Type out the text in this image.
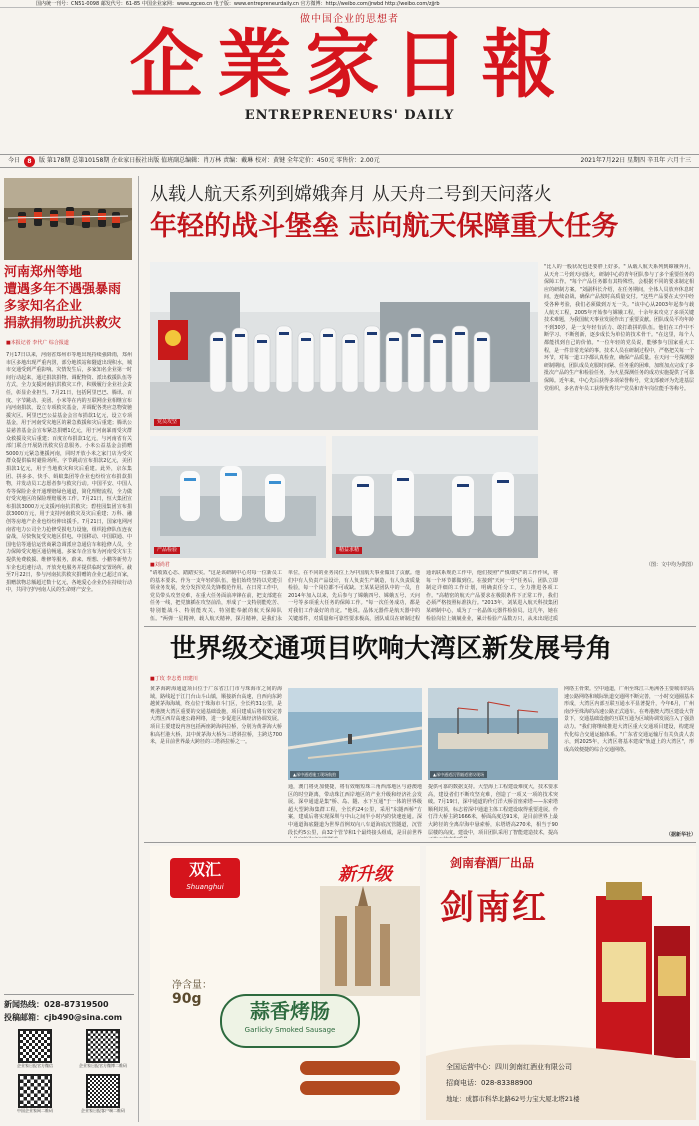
国内统一刊号：CN51-0098 邮发代号：61-85 中国企业家网：www.zgceo.cn 电子版：www.entrepreneurdaily.cn 官方微博：http://weibo.com/jrwbd http://weibo.com/zjjrb
做中国企业的思想者
企業家日報
ENTREPRENEURS' DAILY
今日	8	版 第178期 总第10158期 企业家日报社出版 值班副总编辑：肖万林 责编：戴琳 校对：黄键 全年定价：450元 零售价：2.00元	2021年7月22日 星期四 辛丑年 六月十三
河南郑州等地
遭遇多年不遇强暴雨
多家知名企业
捐款捐物助抗洪救灾
■本报记者 李代广 综合报道
7月17日以来，河南省郑州市等地出现持续强降雨，郑州市区多地出现严重内涝，部分地铁站和隧道出现积水，城市交通受到严重影响。灾情发生后，多家知名企业第一时间行动起来，通过捐款捐物、调配物资、派出救援队伍等方式，全力支援河南抗洪救灾工作，积极履行企业社会责任，彰显企业担当。7月21日，包括阿里巴巴、腾讯、百度、字节跳动、美团、小米等在内的互联网企业相继宣布向河南捐款，设立专项救灾基金，并调配各类应急物资驰援灾区。阿里巴巴公益基金会宣布捐款1亿元，设立专项基金，用于河南受灾地区的紧急救援和灾后重建；腾讯公益慈善基金会宣布紧急捐赠1亿元，用于河南暴雨受灾群众救援及灾后重建；百度宣布捐款1亿元，与河南省有关部门联合开展防汛救灾信息服务。小米公益基金会捐赠5000万元紧急驰援河南，同时开放小米之家门店为受灾群众提供临时避险场所。字节跳动宣布捐款2亿元，美团捐款1亿元，用于当地救灾和灾后重建。此外，京东集团、拼多多、快手、蚂蚁集团等企业也纷纷宣布捐款捐物，并发动员工志愿者参与救灾行动。中国平安、中国人寿等保险企业开通理赔绿色通道，简化理赔流程，全力做好受灾地区的保险理赔服务工作。7月21日，恒大集团宣布捐款3000万元支援河南抗洪救灾；碧桂园集团宣布捐款3000万元，用于支持河南救灾及灾后重建；万科、融创等房地产企业也纷纷伸出援手。7月21日，国家电网河南省电力公司全力抢修受损电力设施，组织抢修队伍连夜奋战，尽快恢复受灾地区供电。中国移动、中国联通、中国电信等通信运营商紧急调派应急通信车和抢修人员，全力保障受灾地区通信畅通。多家车企宣布为河南受灾车主提供免费救援、维修等服务，蔚来、理想、小鹏等新势力车企也迅速行动，开放充电服务并提供临时安置场所。截至7月22日，参与河南抗洪救灾捐赠的企业已超过百家，捐赠款物总额超过数十亿元，各地爱心企业仍在持续行动中，共同守护河南人民的生命财产安全。
新闻热线：028-87319500
投稿邮箱：cjb490@sina.com
企业家日报官方微信	企业家日报官方微博二维码
中国企业家网二维码	企业家日报客户端二维码
从载人航天系列到嫦娥奔月 从天舟二号到天问落火
年轻的战斗堡垒 志向航天保障重大任务
党员攻坚
产品检验	精益求精
"比人的一般状况也还要胖上好多。" 从载人航天系列到嫦娥奔月，从天舟二号到天问落火，研制中心的青年团队参与了多个重要任务的保障工作。"每个产品任务都有其特殊性，会根据不同的要求制定相应的研制方案。"刘副科长介绍，在任务期间，全体人员放弃休息时间，连续奋战，确保产品按时高质量交付。"这些产品要在太空中经受各种考验，我们必须做到万无一失。"该中心从2003年起参与载人航天工程，2005年开始参与嫦娥工程，十余年来攻克了多项关键技术难题，为我国航天事业发展作出了重要贡献。团队成员平均年龄不到30岁，是一支年轻有活力、敢打敢拼的队伍。他们在工作中不断学习、不断创新，逐步成长为单位的技术骨干。"在这里，每个人都能找到自己的价值。"一位年轻的党员说，能够参与国家重大工程，是一件非常光荣的事。技术人员在研制过程中，严格把关每一个环节，对每一道工序都认真检查，确保产品质量。在天问一号探测器研制期间，团队成员克服时间紧、任务重的困难，加班加点完成了多批次产品的生产和检验任务，为火星探测任务的成功实施提供了可靠保障。近年来，中心先后获得多项荣誉称号，党支部被评为先进基层党组织，多名青年员工获得优秀共产党员和青年岗位能手等称号。
（图：文中均为供图）
■刘尚君
"请收敛心态、踏踏实实。"这是该研制中心对每一位新员工的基本要求。作为一支年轻的队伍，他们始终坚持以党建引领业务发展，充分发挥党员先锋模范作用。在日常工作中，党员带头攻坚克难，在重大任务面前冲锋在前，把支部建在任务一线，把党旗插在攻坚前沿，形成了一支特别能吃苦、特别能战斗、特别能攻关、特别能奉献的航天保障队伍。"两弹一星精神，载人航天精神，探月精神，是我们永
单位，在不同的业务岗位上为中国航天事业做出了贡献。他们中有人负责产品设计，有人负责生产制造，有人负责质量检验，每一个岗位都不可或缺。王某某是团队中的一员，自2014年加入以来，先后参与了嫦娥四号、嫦娥五号、天问一号等多项重大任务的保障工作。"每一次任务成功，都是对我们工作最好的肯定。"他说。晶体元器件是航天器中的关键部件，对质量和可靠性要求极高，团队成员在研制过程
通讯联系规范工作中，他们按照"严慎细实"的工作作风，将每一个环节都做到位。在接到"天问一号"任务后，团队立即制定详细的工作计划，明确责任分工，全力推进各项工作。"高精密的航天产品要求在极限条件下正常工作，我们必须严格按照标准执行。"2013年，刘某进入航天科技集团某研制中心，成为了一名晶体元器件检验员。这几年，她在检验岗位上兢兢业业，累计检验产品数万只，从未出现过质
世界级交通项目吹响大湾区新发展号角
■丁玫 李志勇 田建川
▲深中通道施工现场航拍	▲深中通道沉管隧道建设现场
黄茅海跨海通道项目位于广东省江门市与珠海市之间的海域，路线起于江门台山斗山镇，顺接新台高速，自西向东跨越黄茅海海域，终点位于珠海市斗门区，全长约31公里，是粤港澳大湾区重要的交通基础设施，项目建成后将有效完善大湾区西岸高速公路网络，进一步促进区域经济协调发展。项目主要建设内容包括两座跨海斜拉桥，分别为黄茅海大桥和高栏港大桥，其中黄茅海大桥为三塔斜拉桥，主跨达700米，是目前世界最大跨径的三塔斜拉桥之一。
通，澳门将更加便捷，将有效缩短珠三角西部地区与港澳地区的时空距离，带动珠江西岸地区的产业升级和经济社会发展。深中通道是集"桥、岛、隧、水下互通"于一体的世界级超大型跨海集群工程，全长约24公里，采用"东隧西桥"方案，建成后将实现深圳与中山之间半小时内的快速连通。深中通道海底隧道为世界首例双向八车道海底沉管隧道，沉管段长约5公里，由32个管节和1个最终接头组成，是目前世界
提供可靠的数据支持。大型海上工程建设难度大，技术要求高，建设者们不断攻坚克难，创造了一项又一项的技术突破。7月19日，深中通道的伶仃洋大桥首座索塔——东索塔顺利封顶，标志着深中通道主体工程建设取得重要进展。伶仃洋大桥主跨1666米，桥面高度达91米，是目前世界上最大跨径的全离岸海中悬索桥，东塔塔高270米，相当于90层楼的高度。建设中，项目团队采用了智能建造技术，提高
网络主骨架。空中通道，广州至珠江三角洲各主要城市的高速公路网络和城际轨道交通网不断完善，一小时交通圈基本形成，大湾区内部互联互通水平显著提升，今年6月，广州南沙至珠海的高速公路正式通车。在粤港澳大湾区建设大背景下，交通基础设施的互联互通为区域协调发展注入了强劲动力。"我们将继续推进大湾区重大交通项目建设，构建现代化综合交通运输体系。"广东省交通运输厅有关负责人表示，到2025年，大湾区将基本建成"轨道上的大湾区"，形成高效便捷的综合交通网络。
（据新华社）
双汇
Shuanghui
新升级
净含量：
90g	蒜香烤肠
Garlicky Smoked Sausage
剑南春酒厂出品
剑南红
全国运营中心：四川剑南红酒业有限公司
招商电话：028-83388900
地址：成都市科华北路62号力宝大厦北塔21楼
